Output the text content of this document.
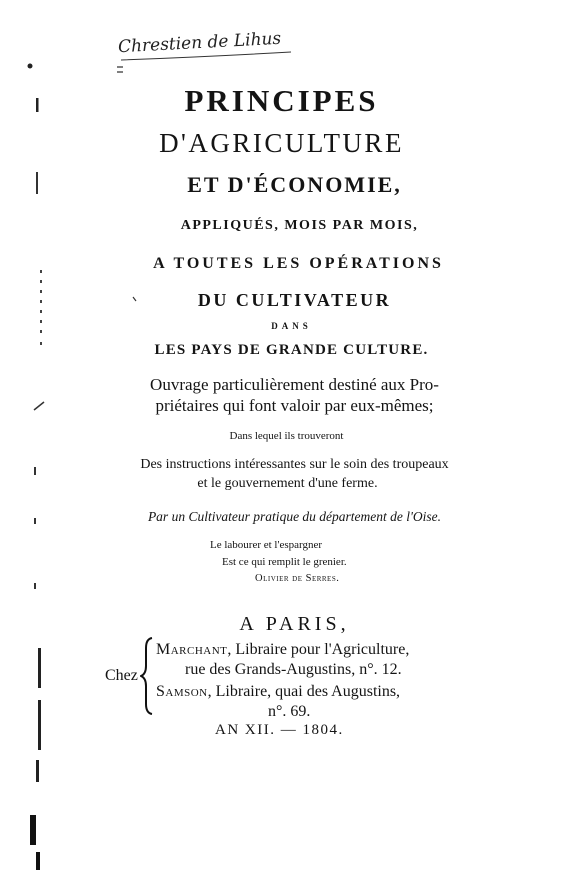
Chrestien de Lihus
PRINCIPES
D'AGRICULTURE
ET D'ÉCONOMIE,
APPLIQUÉS, MOIS PAR MOIS,
A TOUTES LES OPÉRATIONS
DU CULTIVATEUR
DANS
LES PAYS DE GRANDE CULTURE.
Ouvrage particulièrement destiné aux Pro-
priétaires qui font valoir par eux-mêmes;
Dans lequel ils trouveront
Des instructions intéressantes sur le soin des troupeaux
et le gouvernement d'une ferme.
Par un Cultivateur pratique du département de l'Oise.
Le labourer et l'espargner
Est ce qui remplit le grenier.
Olivier de Serres.
A PARIS,
Chez
Marchant, Libraire pour l'Agriculture,
rue des Grands-Augustins, n°. 12.
Samson, Libraire, quai des Augustins,
n°. 69.
AN XII. — 1804.
